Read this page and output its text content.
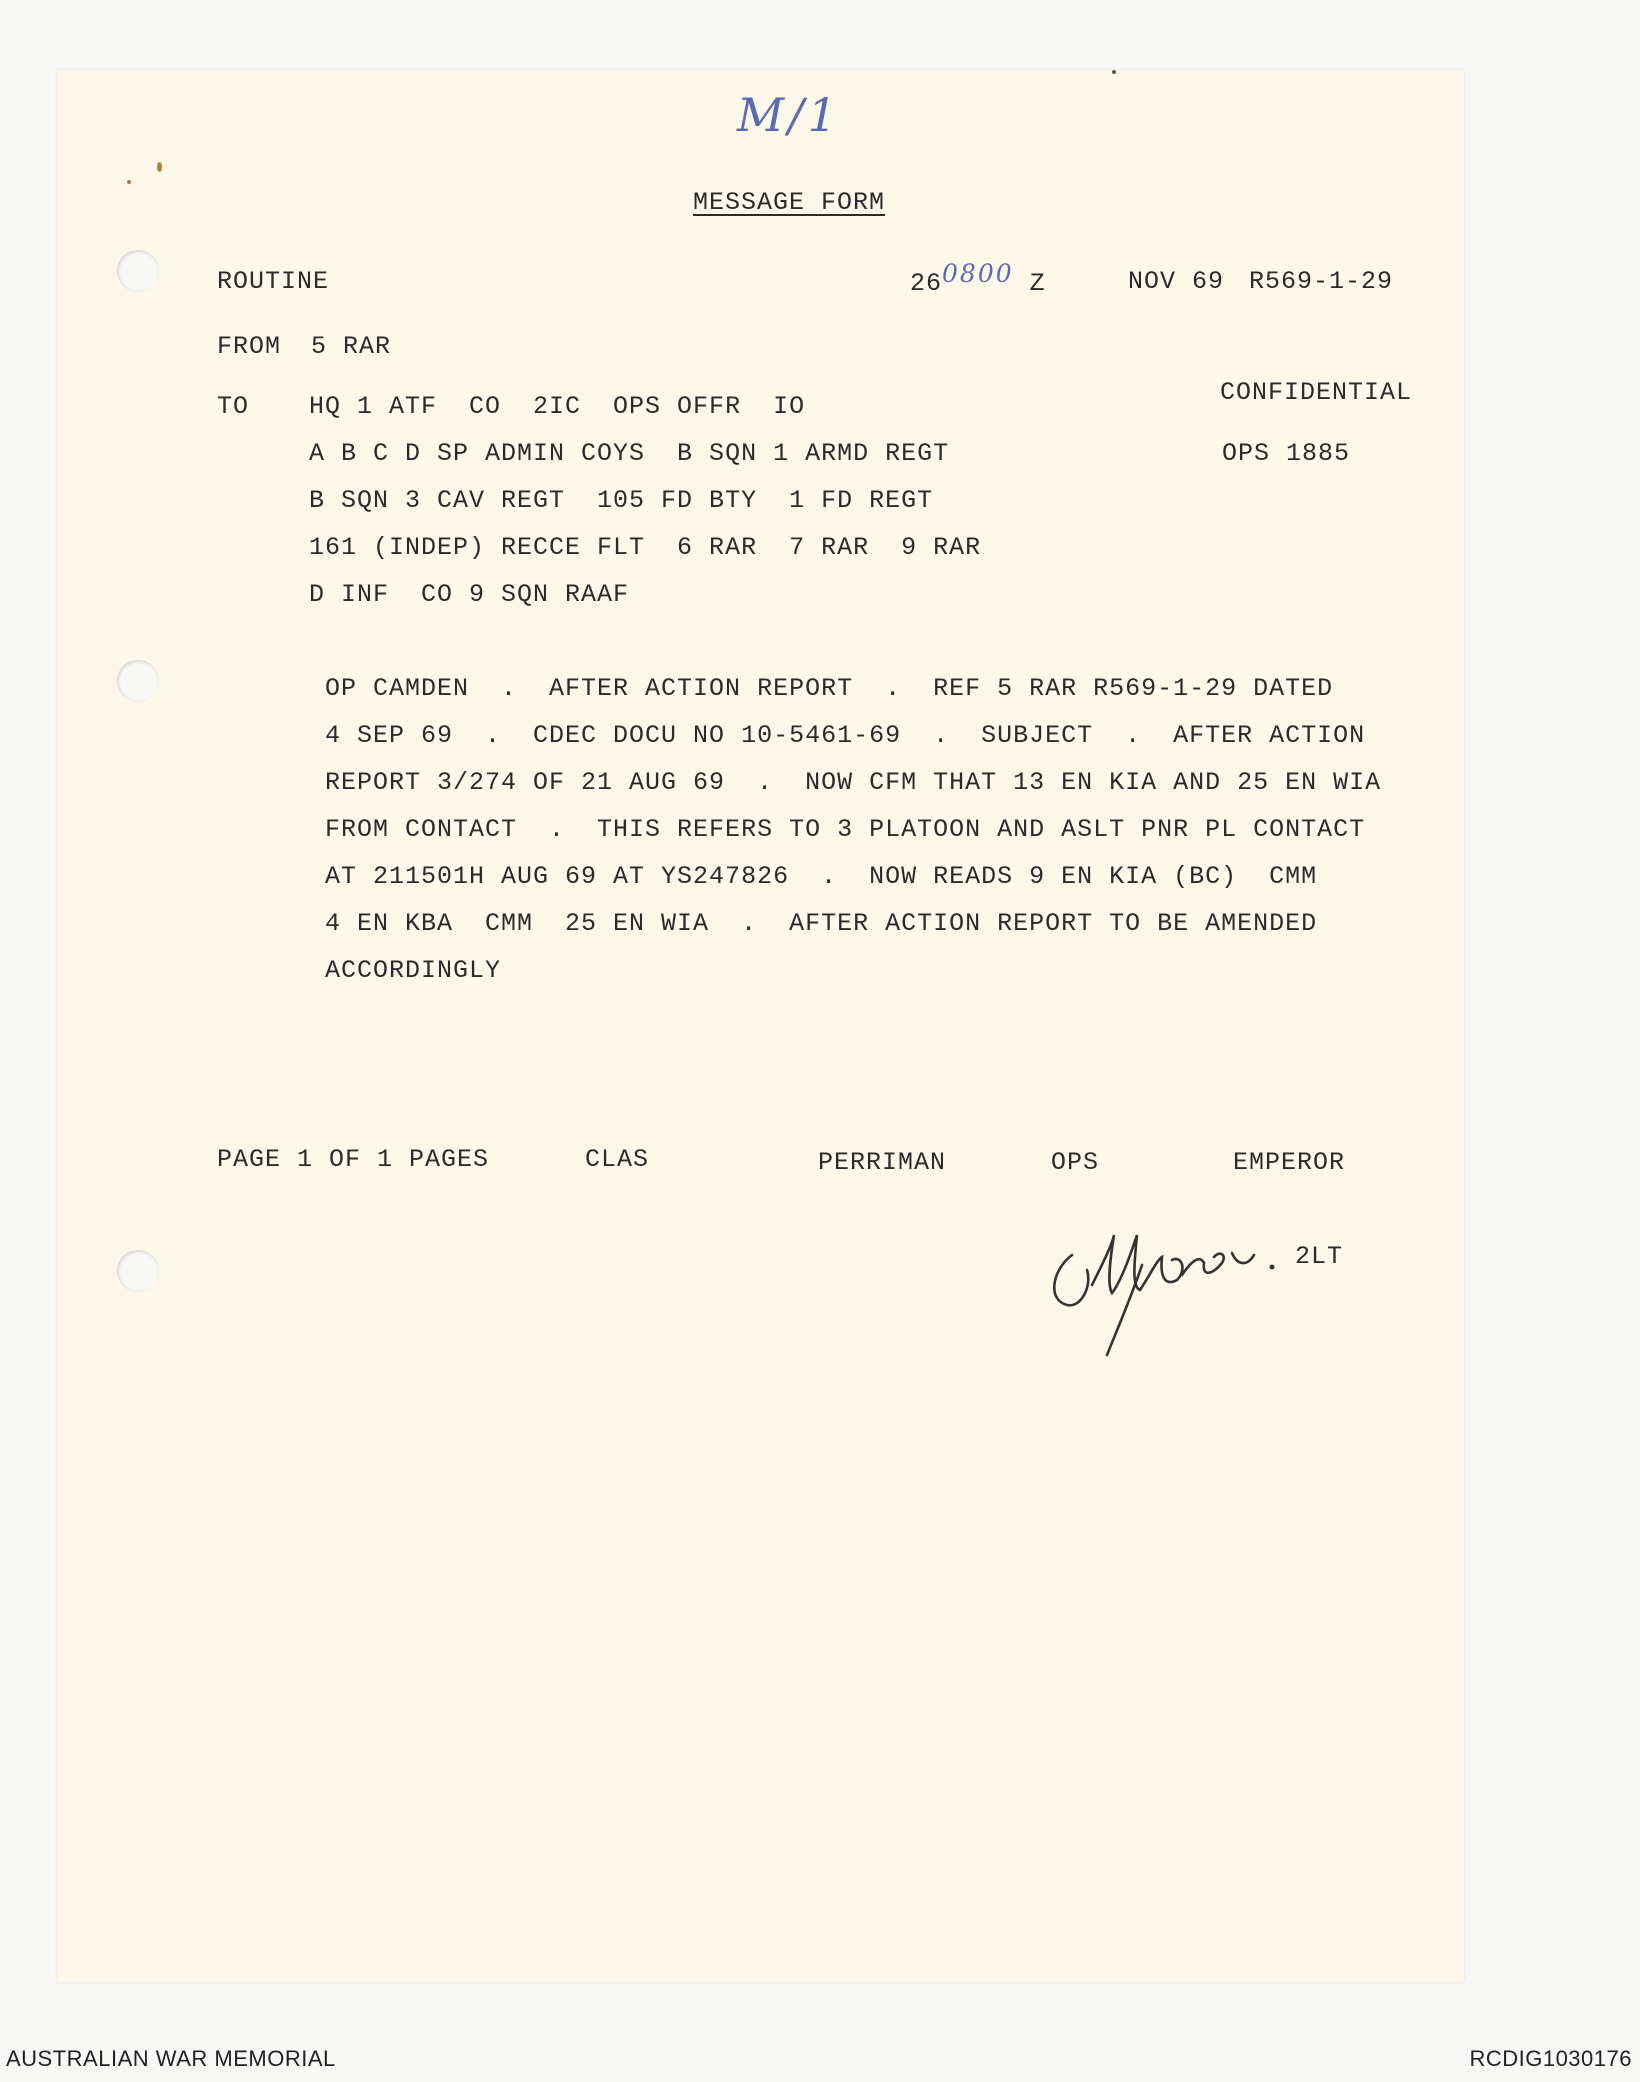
M/1
MESSAGE FORM
ROUTINE	260800 Z	NOV 69 R569-1-29
FROM 5 RAR
TO HQ 1 ATF  CO  2IC  OPS OFFR  IO
A B C D SP ADMIN COYS  B SQN 1 ARMD REGT
B SQN 3 CAV REGT  105 FD BTY  1 FD REGT
161 (INDEP) RECCE FLT  6 RAR  7 RAR  9 RAR
D INF  CO 9 SQN RAAF
CONFIDENTIAL
OPS 1885
OP CAMDEN  .  AFTER ACTION REPORT  .  REF 5 RAR R569-1-29 DATED
4 SEP 69  .  CDEC DOCU NO 10-5461-69  .  SUBJECT  .  AFTER ACTION
REPORT 3/274 OF 21 AUG 69  .  NOW CFM THAT 13 EN KIA AND 25 EN WIA
FROM CONTACT  .  THIS REFERS TO 3 PLATOON AND ASLT PNR PL CONTACT
AT 211501H AUG 69 AT YS247826  .  NOW READS 9 EN KIA (BC)  CMM
4 EN KBA  CMM  25 EN WIA  .  AFTER ACTION REPORT TO BE AMENDED
ACCORDINGLY
PAGE 1 OF 1 PAGES	CLAS	PERRIMAN	OPS	EMPEROR
2LT
AUSTRALIAN WAR MEMORIAL	RCDIG1030176
